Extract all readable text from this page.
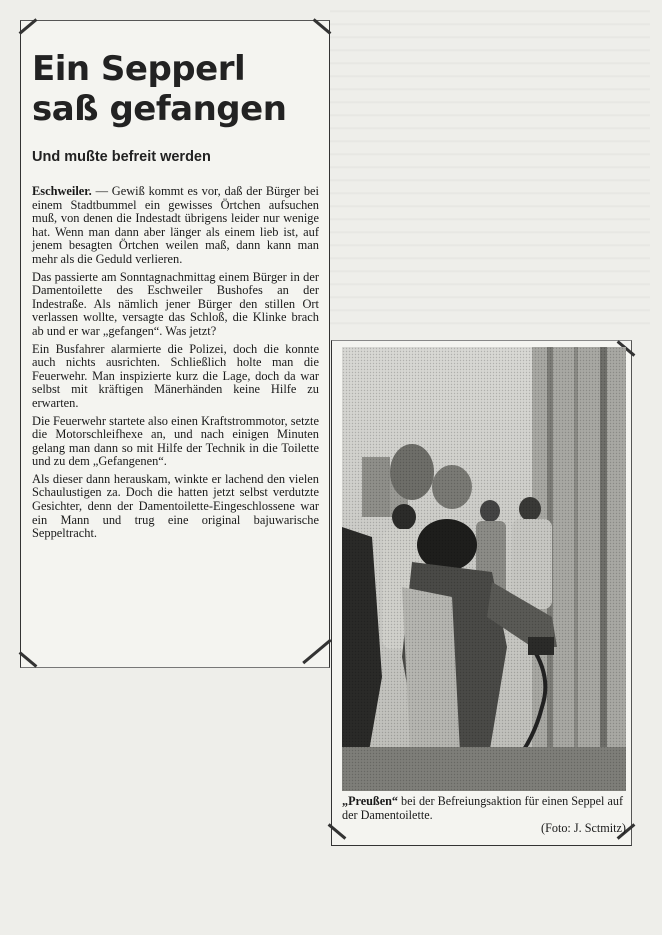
Ein Sepperl
saß gefangen
Und mußte befreit werden

Eschweiler. — Gewiß kommt es vor, daß der Bürger bei einem Stadtbummel ein gewisses Örtchen aufsuchen muß, von denen die Indestadt übrigens leider nur wenige hat. Wenn man dann aber länger als einem lieb ist, auf jenem besagten Örtchen weilen maß, dann kann man mehr als die Geduld verlieren.

Das passierte am Sonntagnachmittag einem Bürger in der Damentoilette des Eschweiler Bushofes an der Indestraße. Als nämlich jener Bürger den stillen Ort verlassen wollte, versagte das Schloß, die Klinke brach ab und er war „gefangen“. Was jetzt?

Ein Busfahrer alarmierte die Polizei, doch die konnte auch nichts ausrichten. Schließlich holte man die Feuerwehr. Man inspizierte kurz die Lage, doch da war selbst mit kräftigen Mänerhänden keine Hilfe zu erwarten.

Die Feuerwehr startete also einen Kraftstrommotor, setzte die Motorschleifhexe an, und nach einigen Minuten gelang man dann so mit Hilfe der Technik in die Toilette und zu dem „Gefangenen“.

Als dieser dann herauskam, winkte er lachend den vielen Schaulustigen za. Doch die hatten jetzt selbst verdutzte Gesichter, denn der Damentoilette-Eingeschlossene war ein Mann und trug eine original bajuwarische Seppeltracht.

„Preußen“ bei der Befreiungsaktion für einen Seppel auf der Damentoilette.
(Foto: J. Sctmitz)
